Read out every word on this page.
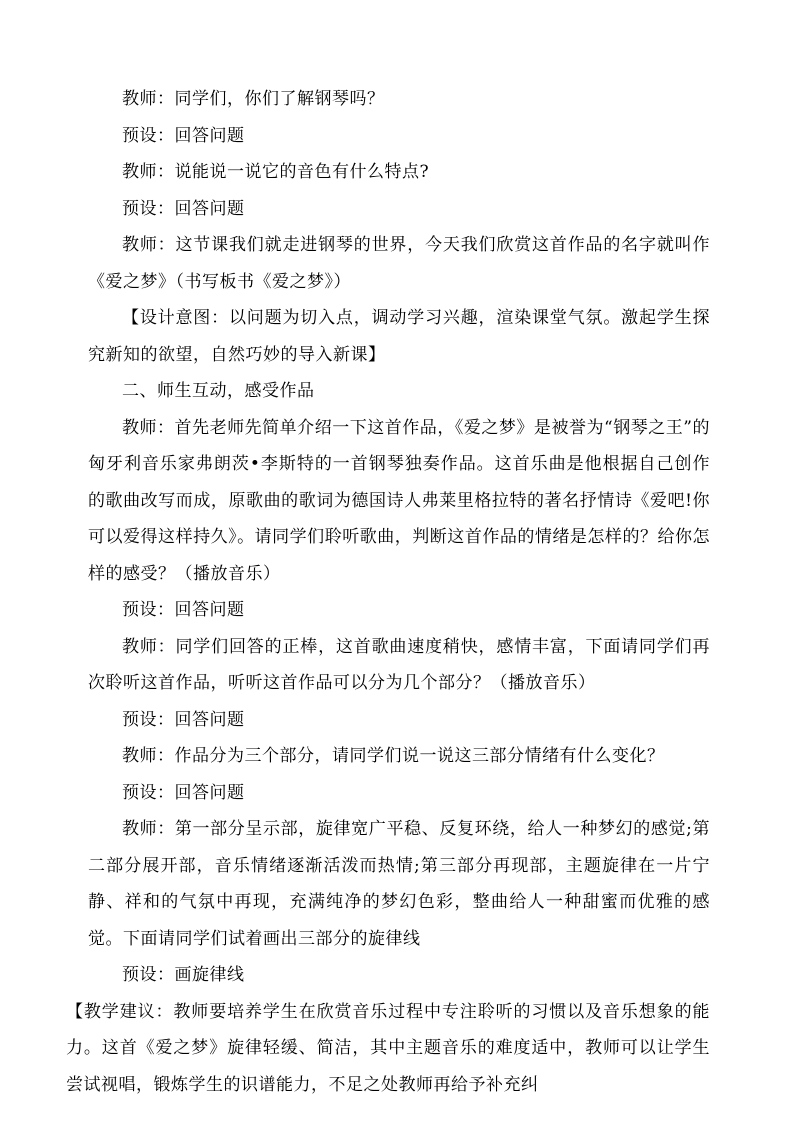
教师：同学们，你们了解钢琴吗？

预设：回答问题

教师：说能说一说它的音色有什么特点?

预设：回答问题

教师：这节课我们就走进钢琴的世界，今天我们欣赏这首作品的名字就叫作《爱之梦》（书写板书《爱之梦》）

【设计意图：以问题为切入点，调动学习兴趣，渲染课堂气氛。激起学生探究新知的欲望，自然巧妙的导入新课】

二、师生互动，感受作品

教师：首先老师先简单介绍一下这首作品，《爱之梦》是被誉为“钢琴之王”的匈牙利音乐家弗朗茨•李斯特的一首钢琴独奏作品。这首乐曲是他根据自己创作的歌曲改写而成，原歌曲的歌词为德国诗人弗莱里格拉特的著名抒情诗《爱吧!你可以爱得这样持久》。请同学们聆听歌曲，判断这首作品的情绪是怎样的？给你怎样的感受？（播放音乐）

预设：回答问题

教师：同学们回答的正棒，这首歌曲速度稍快，感情丰富，下面请同学们再次聆听这首作品，听听这首作品可以分为几个部分？（播放音乐）

预设：回答问题

教师：作品分为三个部分，请同学们说一说这三部分情绪有什么变化？

预设：回答问题

教师：第一部分呈示部，旋律宽广平稳、反复环绕，给人一种梦幻的感觉;第二部分展开部，音乐情绪逐渐活泼而热情;第三部分再现部，主题旋律在一片宁静、祥和的气氛中再现，充满纯净的梦幻色彩，整曲给人一种甜蜜而优雅的感觉。下面请同学们试着画出三部分的旋律线

预设：画旋律线

【教学建议：教师要培养学生在欣赏音乐过程中专注聆听的习惯以及音乐想象的能力。这首《爱之梦》旋律轻缓、简洁，其中主题音乐的难度适中，教师可以让学生尝试视唱，锻炼学生的识谱能力，不足之处教师再给予补充纠
